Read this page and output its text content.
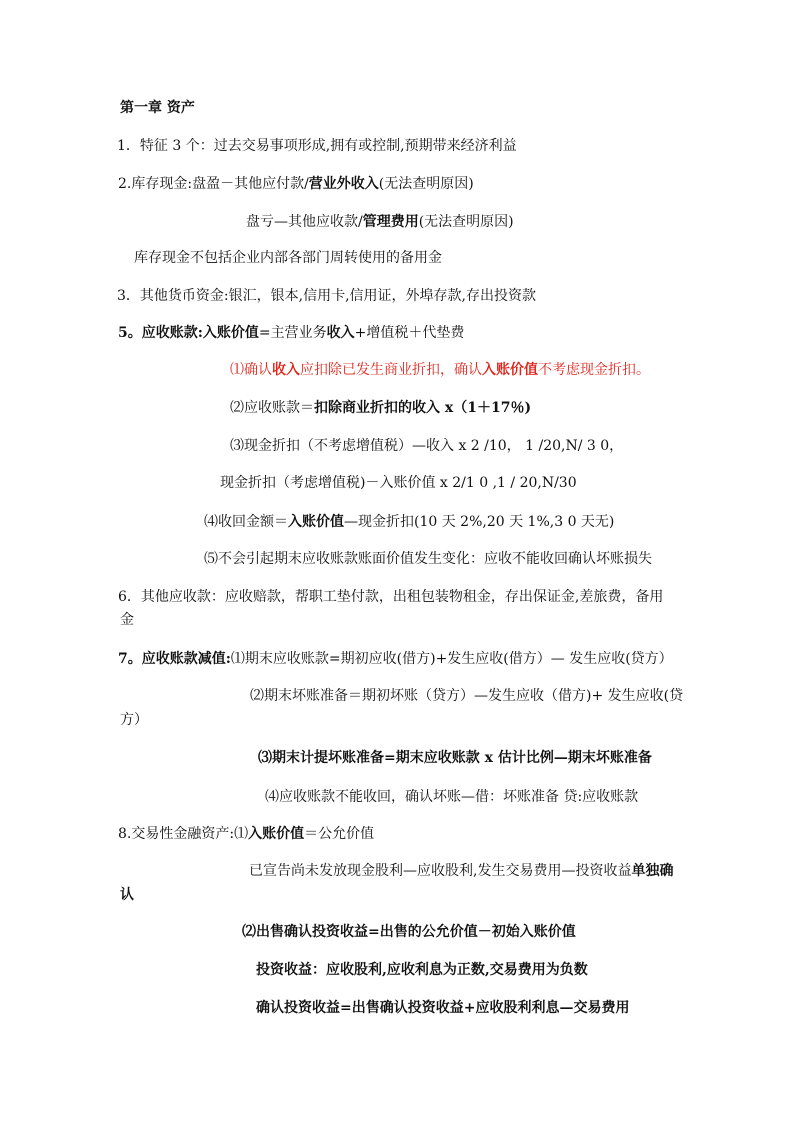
第一章 资产
1．特征 3 个：过去交易事项形成,拥有或控制,预期带来经济利益
2.库存现金:盘盈－其他应付款/营业外收入(无法查明原因)
盘亏—其他应收款/管理费用(无法查明原因)
库存现金不包括企业内部各部门周转使用的备用金
3．其他货币资金:银汇，银本,信用卡,信用证，外埠存款,存出投资款
5。应收账款:入账价值=主营业务收入+增值税＋代垫费
⑴确认收入应扣除已发生商业折扣，确认入账价值不考虑现金折扣。
⑵应收账款＝扣除商业折扣的收入 x（1＋17％)
⑶现金折扣（不考虑增值税）—收入 x 2 /10， 1 /20,N/ 3 0，
现金折扣（考虑增值税)－入账价值 x 2/1 0 ,1 / 20,N/30
⑷收回金额＝入账价值—现金折扣(10 天 2%,20 天 1%,3 0 天无)
⑸不会引起期末应收账款账面价值发生变化：应收不能收回确认坏账损失
6．其他应收款：应收赔款，帮职工垫付款，出租包装物租金，存出保证金,差旅费，备用
金
7。应收账款减值:⑴期末应收账款=期初应收(借方)+发生应收(借方）— 发生应收(贷方）
⑵期末坏账准备＝期初坏账（贷方）—发生应收（借方)+ 发生应收(贷
方）
⑶期末计提坏账准备=期末应收账款 x 估计比例—期末坏账准备
⑷应收账款不能收回，确认坏账—借：坏账准备 贷:应收账款
8.交易性金融资产:⑴入账价值＝公允价值
已宣告尚未发放现金股利—应收股利,发生交易费用—投资收益单独确
认
⑵出售确认投资收益=出售的公允价值－初始入账价值
投资收益：应收股利,应收利息为正数,交易费用为负数
确认投资收益=出售确认投资收益+应收股利利息—交易费用
